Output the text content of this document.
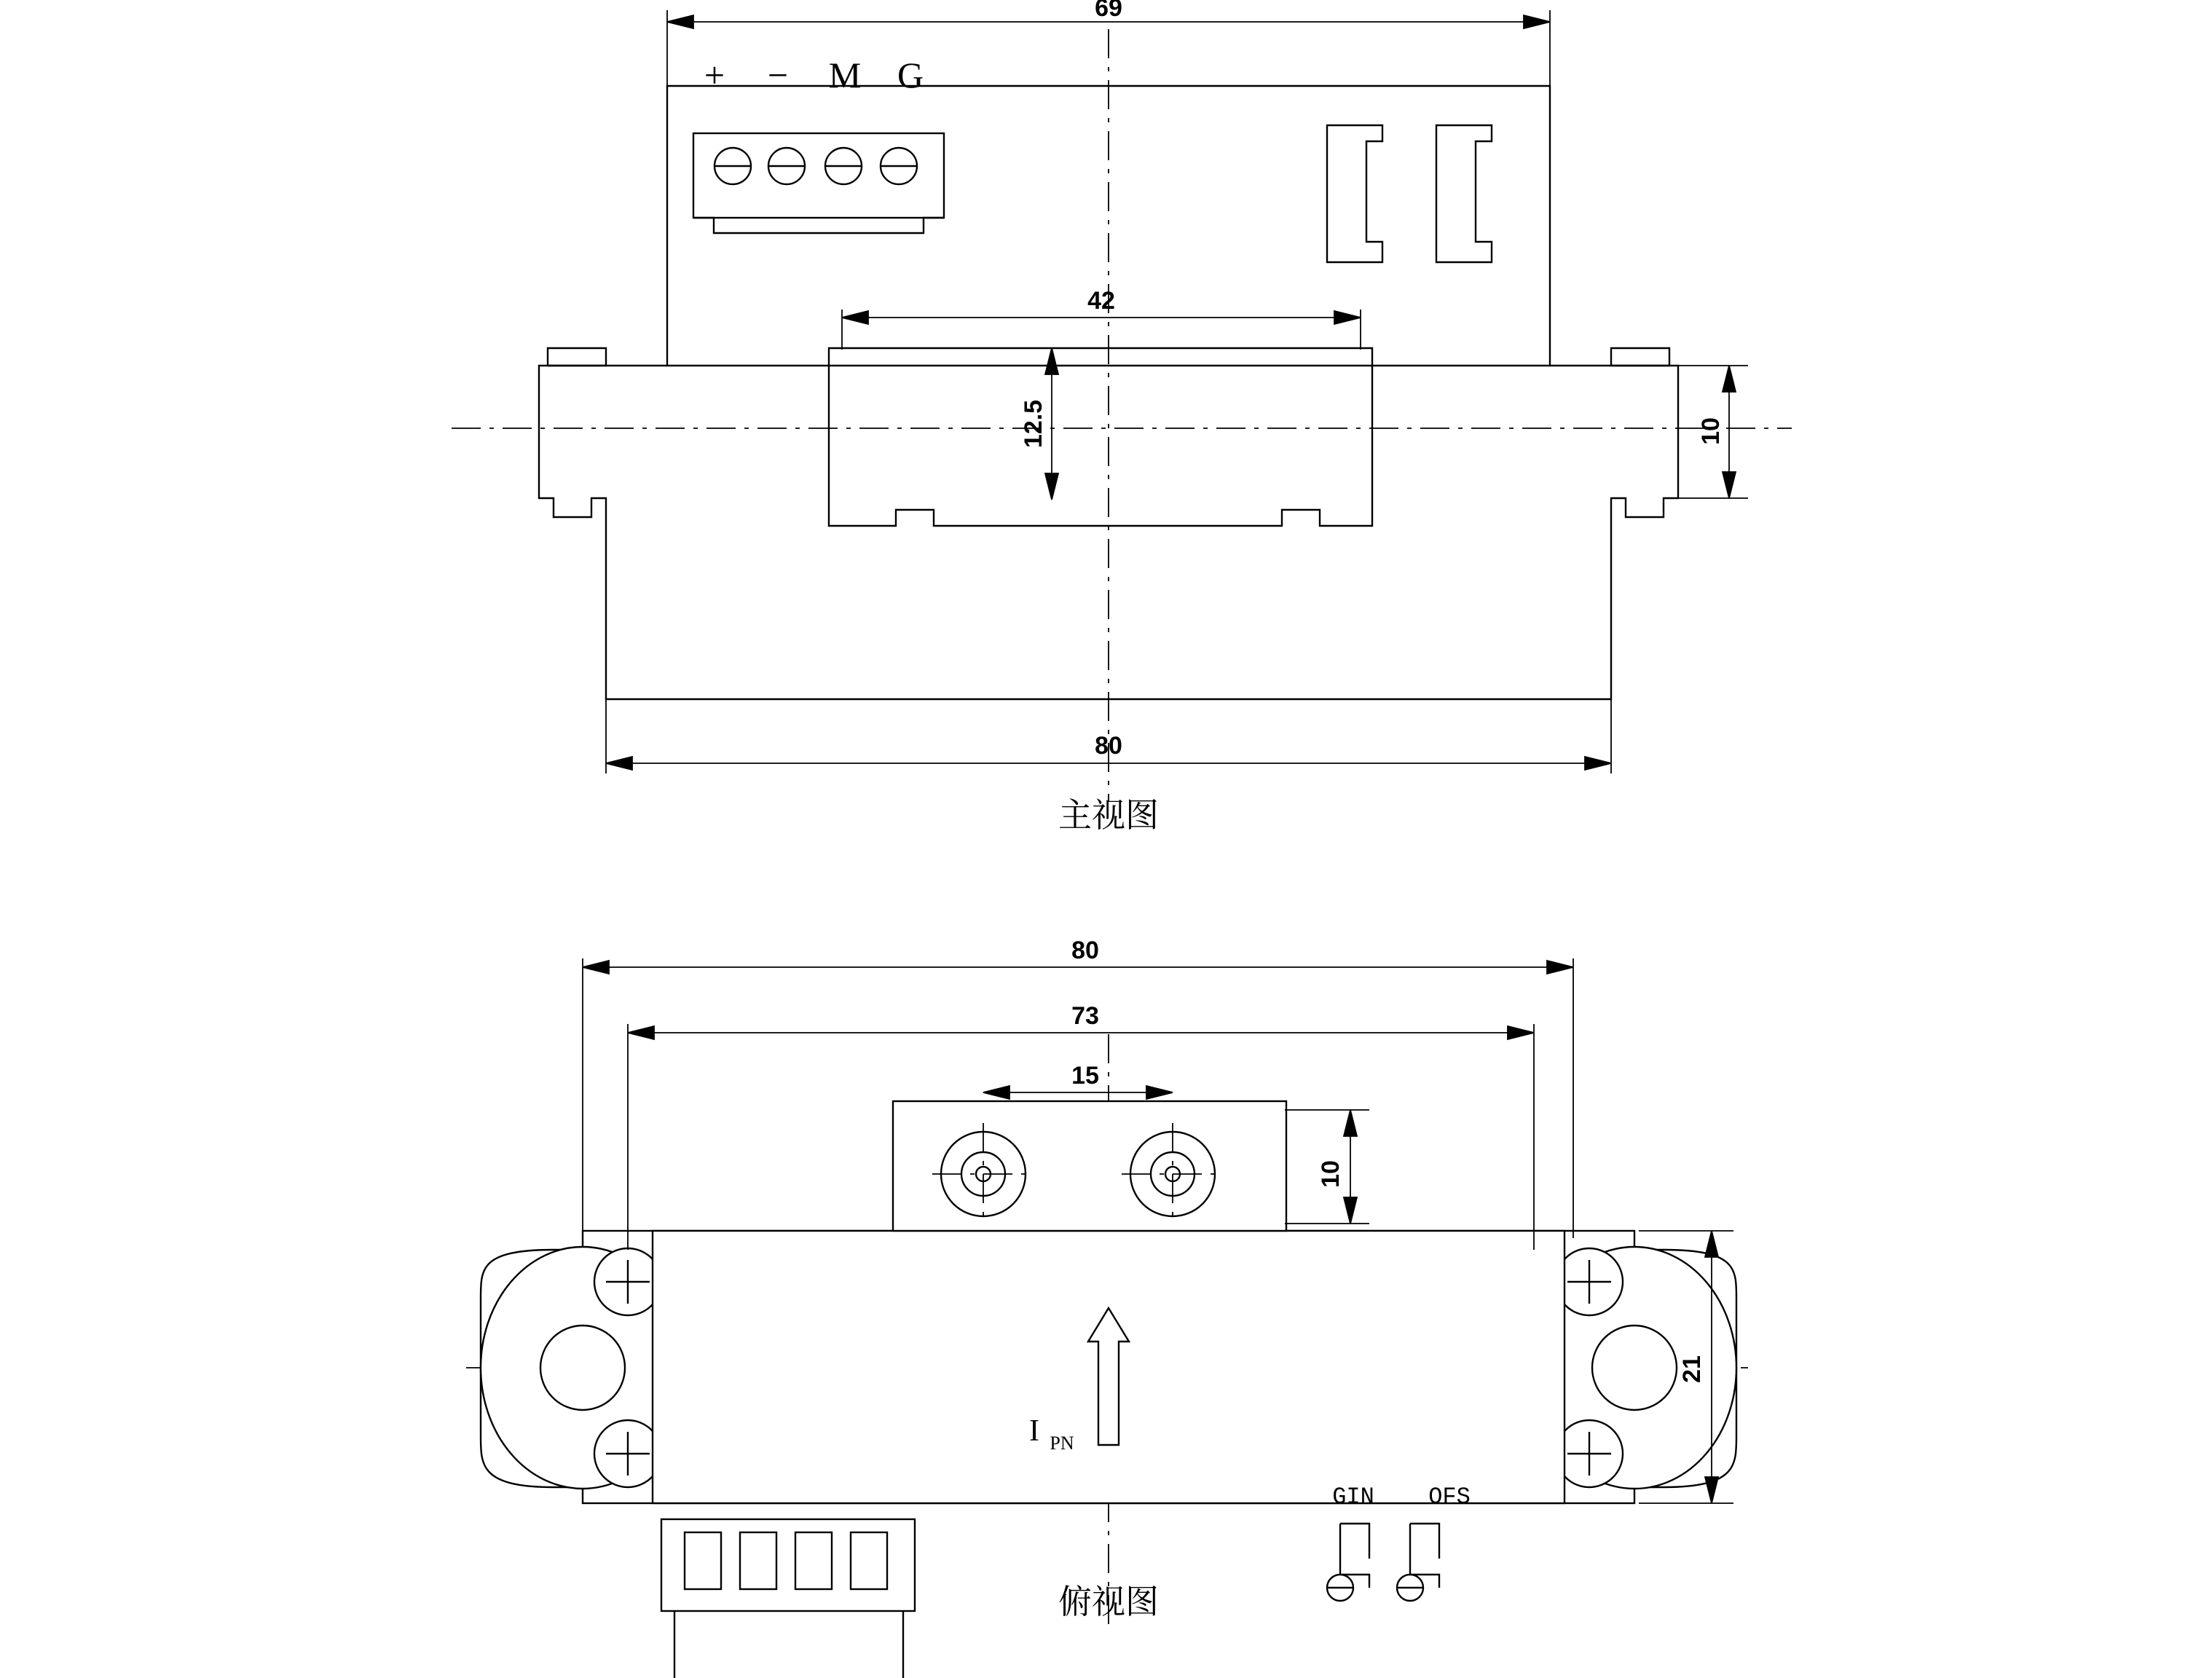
69
42
12.5	10
80
+ − M G
主视图
I PN
GIN OFS
80
73
15
10
21
俯视图
